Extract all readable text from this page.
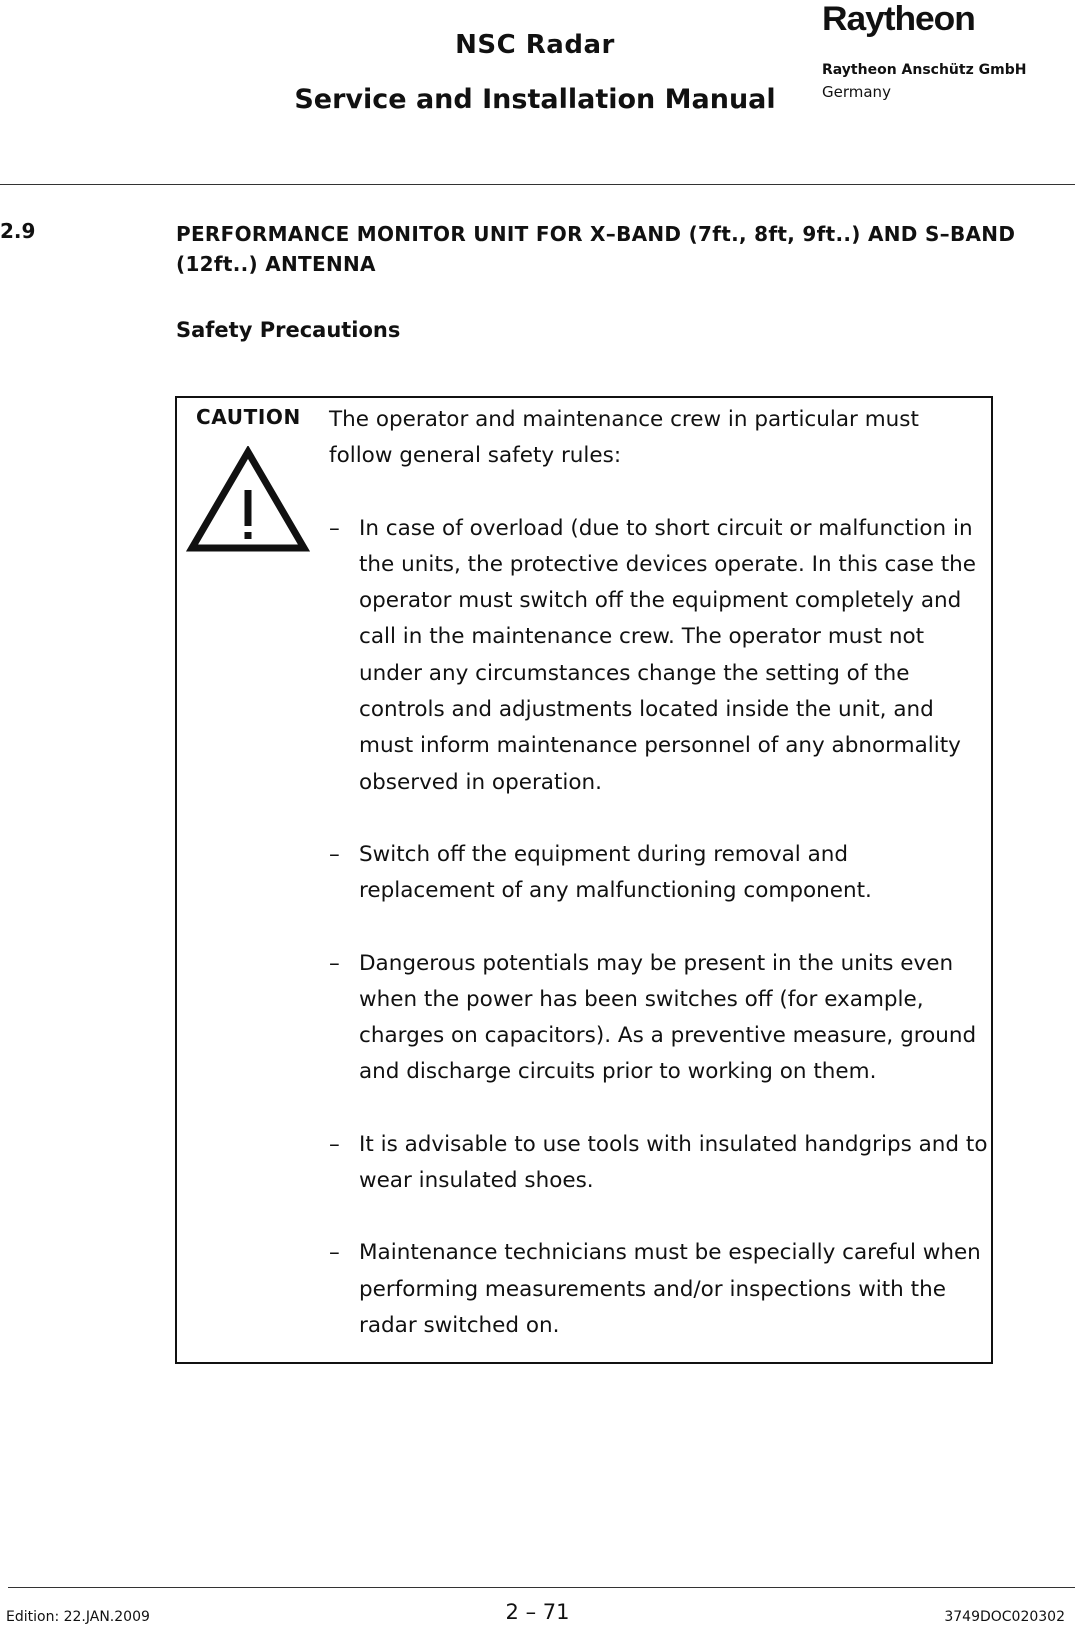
NSC Radar
Service and Installation Manual
Raytheon
Raytheon Anschütz GmbH
Germany
2.9	PERFORMANCE MONITOR UNIT FOR X–BAND (7ft., 8ft, 9ft..) AND S–BAND (12ft..) ANTENNA
Safety Precautions
CAUTION The operator and maintenance crew in particular must follow general safety rules:

– In case of overload (due to short circuit or malfunction in the units, the protective devices operate. In this case the operator must switch off the equipment completely and call in the maintenance crew. The operator must not under any circumstances change the setting of the controls and adjustments located inside the unit, and must inform maintenance personnel of any abnormality observed in operation.

– Switch off the equipment during removal and replacement of any malfunctioning component.

– Dangerous potentials may be present in the units even when the power has been switches off (for example, charges on capacitors). As a preventive measure, ground and discharge circuits prior to working on them.

– It is advisable to use tools with insulated handgrips and to wear insulated shoes.

– Maintenance technicians must be especially careful when performing measurements and/or inspections with the radar switched on.

Edition: 22.JAN.2009	2 – 71	3749DOC020302
